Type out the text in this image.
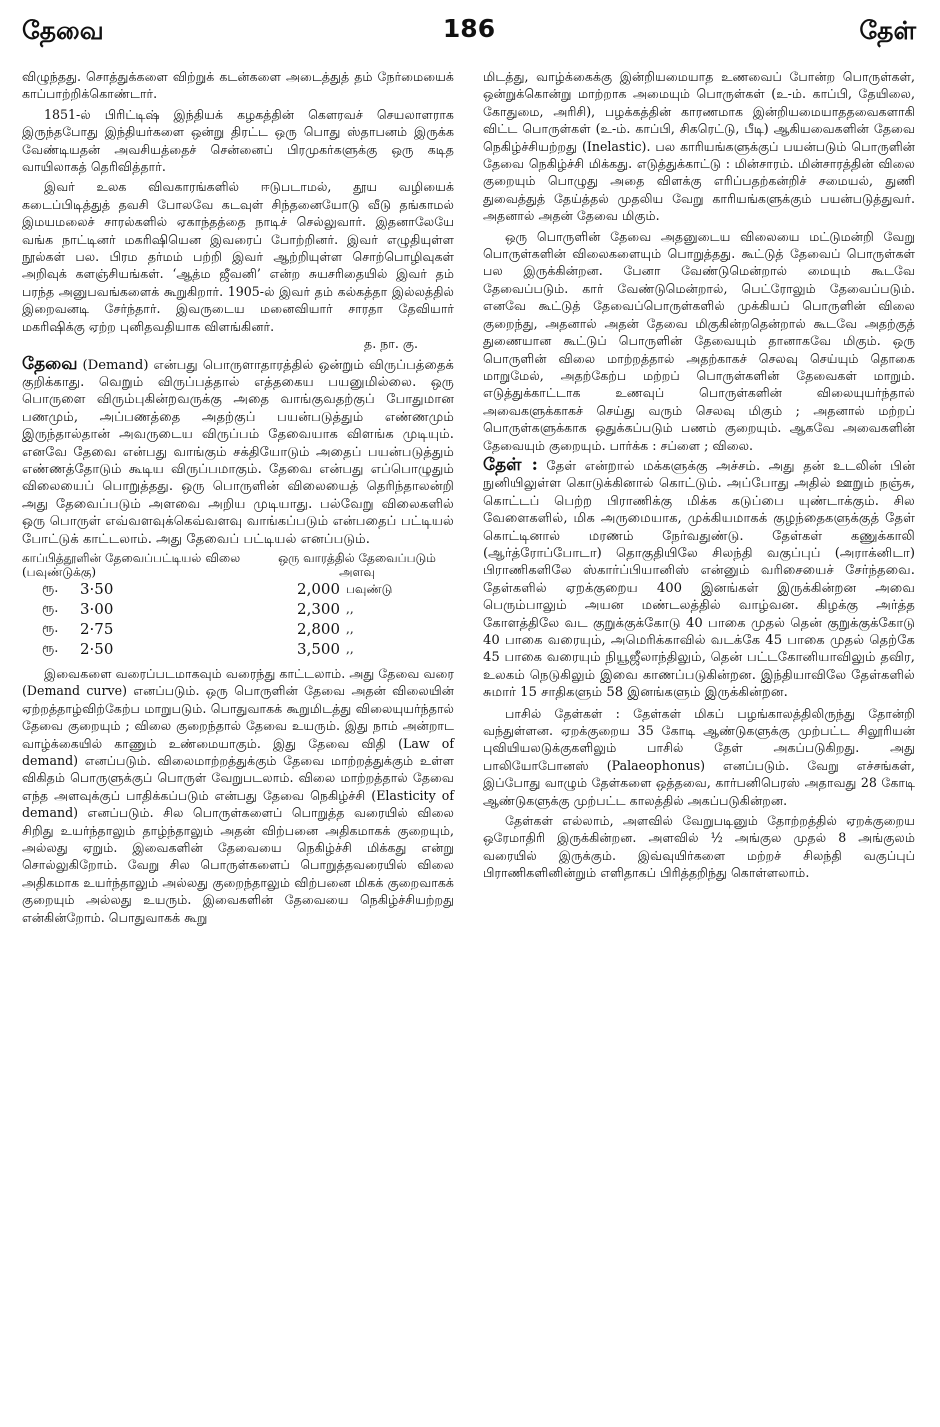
தேவை	186	தேள்

விழுந்தது. சொத்துக்களை விற்றுக் கடன்களை அடைத்துத் தம் நேர்மையைக் காப்பாற்றிக்கொண்டார்.

1851-ல் பிரிட்டிஷ் இந்தியக் கழகத்தின் கௌரவச் செயலாளராக இருந்தபோது இந்தியர்களை ஒன்று திரட்ட ஒரு பொது ஸ்தாபனம் இருக்க வேண்டியதன் அவசியத்தைச் சென்னைப் பிரமுகர்களுக்கு ஒரு கடித வாயிலாகத் தெரிவித்தார்.

இவர் உலக விவகாரங்களில் ஈடுபடாமல், தூய வழியைக் கடைப்பிடித்துத் தவசி போலவே கடவுள் சிந்தனையோடு வீடு தங்காமல் இமயமலைச் சாரல்களில் ஏகாந்தத்தை நாடிச் செல்லுவார். இதனாலேயே வங்க நாட்டினர் மகரிஷியென இவரைப் போற்றினர். இவர் எழுதியுள்ள நூல்கள் பல. பிரம தர்மம் பற்றி இவர் ஆற்றியுள்ள சொற்பொழிவுகள் அறிவுக் களஞ்சியங்கள். ‘ஆத்ம ஜீவனி’ என்ற சுயசரிதையில் இவர் தம் பரந்த அனுபவங்களைக் கூறுகிறார். 1905-ல் இவர் தம் கல்கத்தா இல்லத்தில் இறைவனடி சேர்ந்தார். இவருடைய மனைவியார் சாரதா தேவியார் மகரிஷிக்கு ஏற்ற புனிதவதியாக விளங்கினர்.
த. நா. கு.

தேவை (Demand) என்பது பொருளாதாரத்தில் ஒன்றும் விருப்பத்தைக் குறிக்காது. வெறும் விருப்பத்தால் எத்தகைய பயனுமில்லை. ஒரு பொருளை விரும்புகின்றவருக்கு அதை வாங்குவதற்குப் போதுமான பணமும், அப்பணத்தை அதற்குப் பயன்படுத்தும் எண்ணமும் இருந்தால்தான் அவருடைய விருப்பம் தேவையாக விளங்க முடியும். எனவே தேவை என்பது வாங்கும் சக்தியோடும் அதைப் பயன்படுத்தும் எண்ணத்தோடும் கூடிய விருப்பமாகும். தேவை என்பது எப்பொழுதும் விலையைப் பொறுத்தது. ஒரு பொருளின் விலையைத் தெரிந்தாலன்றி அது தேவைப்படும் அளவை அறிய முடியாது. பல்வேறு விலைகளில் ஒரு பொருள் எவ்வளவுக்கெவ்வளவு வாங்கப்படும் என்பதைப் பட்டியல் போட்டுக் காட்டலாம். அது தேவைப் பட்டியல் எனப்படும்.

காப்பித்தூளின் தேவைப்பட்டியல் விலை (பவுண்டுக்கு)		ஒரு வாரத்தில் தேவைப்படும் அளவு	
ரூ.	3·50	2,000	பவுண்டு
ரூ.	3·00	2,300	,,
ரூ.	2·75	2,800	,,
ரூ.	2·50	3,500	,,

இவைகளை வரைப்படமாகவும் வரைந்து காட்டலாம். அது தேவை வரை (Demand curve) எனப்படும். ஒரு பொருளின் தேவை அதன் விலையின் ஏற்றத்தாழ்விற்கேற்ப மாறுபடும். பொதுவாகக் கூறுமிடத்து விலையுயர்ந்தால் தேவை குறையும் ; விலை குறைந்தால் தேவை உயரும். இது நாம் அன்றாட வாழ்க்கையில் காணும் உண்மையாகும். இது தேவை விதி (Law of demand) எனப்படும். விலைமாற்றத்துக்கும் தேவை மாற்றத்துக்கும் உள்ள விகிதம் பொருளுக்குப் பொருள் வேறுபடலாம். விலை மாற்றத்தால் தேவை எந்த அளவுக்குப் பாதிக்கப்படும் என்பது தேவை நெகிழ்ச்சி (Elasticity of demand) எனப்படும். சில பொருள்களைப் பொறுத்த வரையில் விலை சிறிது உயர்ந்தாலும் தாழ்ந்தாலும் அதன் விற்பனை அதிகமாகக் குறையும், அல்லது ஏறும். இவைகளின் தேவையை நெகிழ்ச்சி மிக்கது என்று சொல்லுகிறோம். வேறு சில பொருள்களைப் பொறுத்தவரையில் விலை அதிகமாக உயர்ந்தாலும் அல்லது குறைந்தாலும் விற்பனை மிகக் குறைவாகக் குறையும் அல்லது உயரும். இவைகளின் தேவையை நெகிழ்ச்சியற்றது என்கின்றோம். பொதுவாகக் கூறு

மிடத்து, வாழ்க்கைக்கு இன்றியமையாத உணவைப் போன்ற பொருள்கள், ஒன்றுக்கொன்று மாற்றாக அமையும் பொருள்கள் (உ-ம். காப்பி, தேயிலை, கோதுமை, அரிசி), பழக்கத்தின் காரணமாக இன்றியமையாததவைகளாகி விட்ட பொருள்கள் (உ-ம். காப்பி, சிகரெட்டு, பீடி) ஆகியவைகளின் தேவை நெகிழ்ச்சியற்றது (Inelastic). பல காரியங்களுக்குப் பயன்படும் பொருளின் தேவை நெகிழ்ச்சி மிக்கது. எடுத்துக்காட்டு : மின்சாரம். மின்சாரத்தின் விலை குறையும் பொழுது அதை விளக்கு எரிப்பதற்கன்றிச் சமையல், துணி துவைத்துத் தேய்த்தல் முதலிய வேறு காரியங்களுக்கும் பயன்படுத்துவர். அதனால் அதன் தேவை மிகும்.

ஒரு பொருளின் தேவை அதனுடைய விலையை மட்டுமன்றி வேறு பொருள்களின் விலைகளையும் பொறுத்தது. கூட்டுத் தேவைப் பொருள்கள் பல இருக்கின்றன. பேனா வேண்டுமென்றால் மையும் கூடவே தேவைப்படும். கார் வேண்டுமென்றால், பெட்ரோலும் தேவைப்படும். எனவே கூட்டுத் தேவைப்பொருள்களில் முக்கியப் பொருளின் விலை குறைந்து, அதனால் அதன் தேவை மிகுகின்றதென்றால் கூடவே அதற்குத் துணையான கூட்டுப் பொருளின் தேவையும் தானாகவே மிகும். ஒரு பொருளின் விலை மாற்றத்தால் அதற்காகச் செலவு செய்யும் தொகை மாறுமேல், அதற்கேற்ப மற்றப் பொருள்களின் தேவைகள் மாறும். எடுத்துக்காட்டாக உணவுப் பொருள்களின் விலையுயர்ந்தால் அவைகளுக்காகச் செய்து வரும் செலவு மிகும் ; அதனால் மற்றப் பொருள்களுக்காக ஒதுக்கப்படும் பணம் குறையும். ஆகவே அவைகளின் தேவையும் குறையும். பார்க்க : சப்ளை ; விலை.

தேள் : தேள் என்றால் மக்களுக்கு அச்சம். அது தன் உடலின் பின் நுனியிலுள்ள கொடுக்கினால் கொட்டும். அப்போது அதில் ஊறும் நஞ்சு, கொட்டப் பெற்ற பிராணிக்கு மிக்க கடுப்பை யுண்டாக்கும். சில வேளைகளில், மிக அருமையாக, முக்கியமாகக் குழந்தைகளுக்குத் தேள் கொட்டினால் மரணம் நேர்வதுண்டு. தேள்கள் கணுக்காலி (ஆர்த்ரோப்போடா) தொகுதியிலே சிலந்தி வகுப்புப் (அராக்னிடா) பிராணிகளிலே ஸ்கார்ப்பியானிஸ் என்னும் வரிசையைச் சேர்ந்தவை. தேள்களில் ஏறக்குறைய 400 இனங்கள் இருக்கின்றன அவை பெரும்பாலும் அயன மண்டலத்தில் வாழ்வன. கிழக்கு அர்த்த கோளத்திலே வட குறுக்குக்கோடு 40 பாகை முதல் தென் குறுக்குக்கோடு 40 பாகை வரையும், அமெரிக்காவில் வடக்கே 45 பாகை முதல் தெற்கே 45 பாகை வரையும் நியூஜீலாந்திலும், தென் பட்டகோனியாவிலும் தவிர, உலகம் நெடுகிலும் இவை காணப்படுகின்றன. இந்தியாவிலே தேள்களில் சுமார் 15 சாதிகளும் 58 இனங்களும் இருக்கின்றன.

பாசில் தேள்கள் : தேள்கள் மிகப் பழங்காலத்திலிருந்து தோன்றி வந்துள்ளன. ஏறக்குறைய 35 கோடி ஆண்டுகளுக்கு முற்பட்ட சிலூரியன் புவியியலடுக்குகளிலும் பாசில் தேள் அகப்படுகிறது. அது பாலியோபோனஸ் (Palaeophonus) எனப்படும். வேறு எச்சங்கள், இப்போது வாழும் தேள்களை ஒத்தவை, கார்பனிபெரஸ் அதாவது 28 கோடி ஆண்டுகளுக்கு முற்பட்ட காலத்தில் அகப்படுகின்றன.

தேள்கள் எல்லாம், அளவில் வேறுபடினும் தோற்றத்தில் ஏறக்குறைய ஒரேமாதிரி இருக்கின்றன. அளவில் ½ அங்குல முதல் 8 அங்குலம் வரையில் இருக்கும். இவ்வுயிர்களை மற்றச் சிலந்தி வகுப்புப் பிராணிகளினின்றும் எளிதாகப் பிரித்தறிந்து கொள்ளலாம்.
